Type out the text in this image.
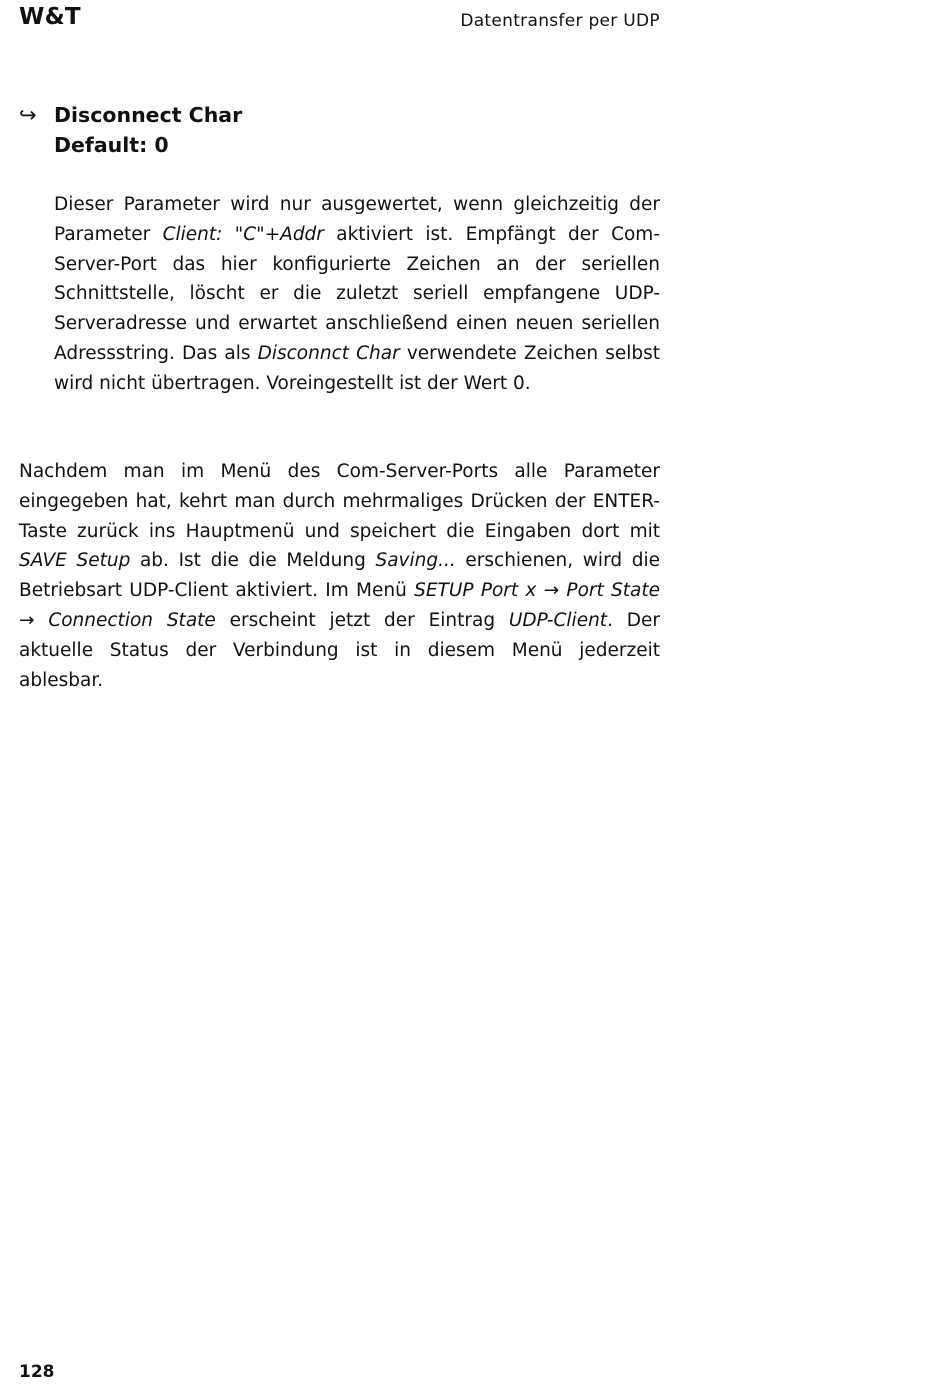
W&T	Datentransfer per UDP
↪ Disconnect Char
Default: 0

Dieser Parameter wird nur ausgewertet, wenn gleichzeitig der Parameter Client: "C"+Addr aktiviert ist. Empfängt der Com-Server-Port das hier konfigurierte Zeichen an der seriellen Schnittstelle, löscht er die zuletzt seriell empfangene UDP-Serveradresse und erwartet anschließend einen neuen seriellen Adressstring. Das als Disconnct Char verwendete Zeichen selbst wird nicht übertragen. Voreingestellt ist der Wert 0.

Nachdem man im Menü des Com-Server-Ports alle Parameter eingegeben hat, kehrt man durch mehrmaliges Drücken der ENTER-Taste zurück ins Hauptmenü und speichert die Eingaben dort mit SAVE Setup ab. Ist die die Meldung Saving... erschienen, wird die Betriebsart UDP-Client aktiviert. Im Menü SETUP Port x → Port State → Connection State erscheint jetzt der Eintrag UDP-Client. Der aktuelle Status der Verbindung ist in diesem Menü jederzeit ablesbar.

128
